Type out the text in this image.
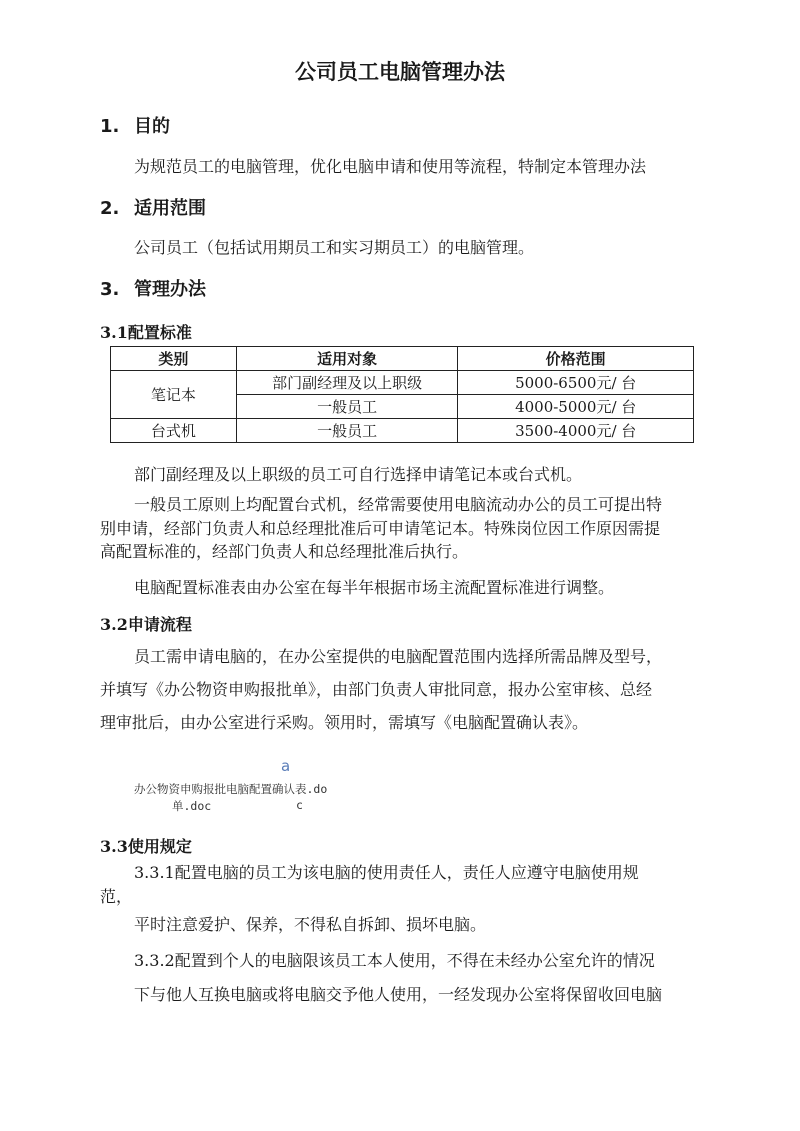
公司员工电脑管理办法
1. 目的
为规范员工的电脑管理，优化电脑申请和使用等流程，特制定本管理办法
2. 适用范围
公司员工（包括试用期员工和实习期员工）的电脑管理。
3. 管理办法
3.1配置标准
类别	适用对象	价格范围
笔记本	部门副经理及以上职级	5000-6500元/ 台
	一般员工	4000-5000元/ 台
台式机	一般员工	3500-4000元/ 台
部门副经理及以上职级的员工可自行选择申请笔记本或台式机。
一般员工原则上均配置台式机，经常需要使用电脑流动办公的员工可提出特
别申请，经部门负责人和总经理批准后可申请笔记本。特殊岗位因工作原因需提
高配置标准的，经部门负责人和总经理批准后执行。
电脑配置标准表由办公室在每半年根据市场主流配置标准进行调整。
3.2申请流程
员工需申请电脑的，在办公室提供的电脑配置范围内选择所需品牌及型号，
并填写《办公物资申购报批单》，由部门负责人审批同意，报办公室审核、总经
理审批后，由办公室进行采购。领用时，需填写《电脑配置确认表》。
a
办公物资申购报批电脑配置确认表.do
单.doc	c
3.3使用规定
3.3.1配置电脑的员工为该电脑的使用责任人，责任人应遵守电脑使用规
范，
平时注意爱护、保养，不得私自拆卸、损坏电脑。
3.3.2配置到个人的电脑限该员工本人使用，不得在未经办公室允许的情况
下与他人互换电脑或将电脑交予他人使用，一经发现办公室将保留收回电脑
